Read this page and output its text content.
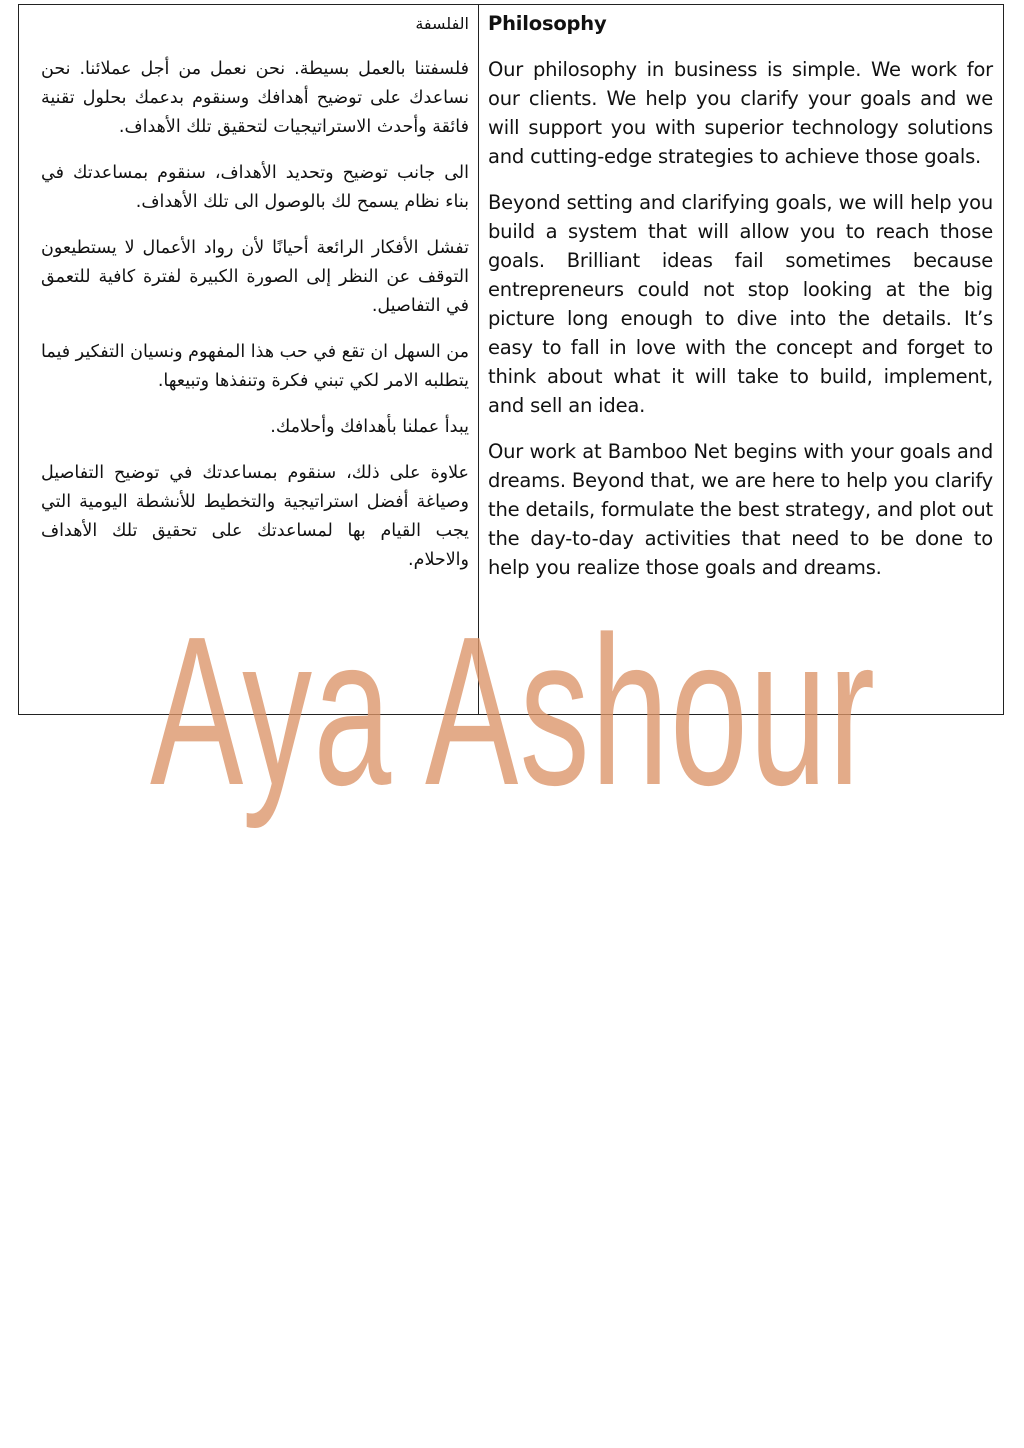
الفلسفة

فلسفتنا بالعمل بسيطة. نحن نعمل من أجل عملائنا. نحن نساعدك على توضيح أهدافك وسنقوم بدعمك بحلول تقنية فائقة وأحدث الاستراتيجيات لتحقيق تلك الأهداف.

الى جانب توضيح وتحديد الأهداف، سنقوم بمساعدتك في بناء نظام يسمح لك بالوصول الى تلك الأهداف.

تفشل الأفكار الرائعة أحيانًا لأن رواد الأعمال لا يستطيعون التوقف عن النظر إلى الصورة الكبيرة لفترة كافية للتعمق في التفاصيل.

من السهل ان تقع في حب هذا المفهوم ونسيان التفكير فيما يتطلبه الامر لكي تبني فكرة وتنفذها وتبيعها.

يبدأ عملنا بأهدافك وأحلامك.

علاوة على ذلك، سنقوم بمساعدتك في توضيح التفاصيل وصياغة أفضل استراتيجية والتخطيط للأنشطة اليومية التي يجب القيام بها لمساعدتك على تحقيق تلك الأهداف والاحلام.

Philosophy

Our philosophy in business is simple. We work for our clients. We help you clarify your goals and we will support you with superior technology solutions and cutting-edge strategies to achieve those goals.

Beyond setting and clarifying goals, we will help you build a system that will allow you to reach those goals. Brilliant ideas fail sometimes because entrepreneurs could not stop looking at the big picture long enough to dive into the details. It’s easy to fall in love with the concept and forget to think about what it will take to build, implement, and sell an idea.

Our work at Bamboo Net begins with your goals and dreams. Beyond that, we are here to help you clarify the details, formulate the best strategy, and plot out the day-to-day activities that need to be done to help you realize those goals and dreams.

Aya Ashour
